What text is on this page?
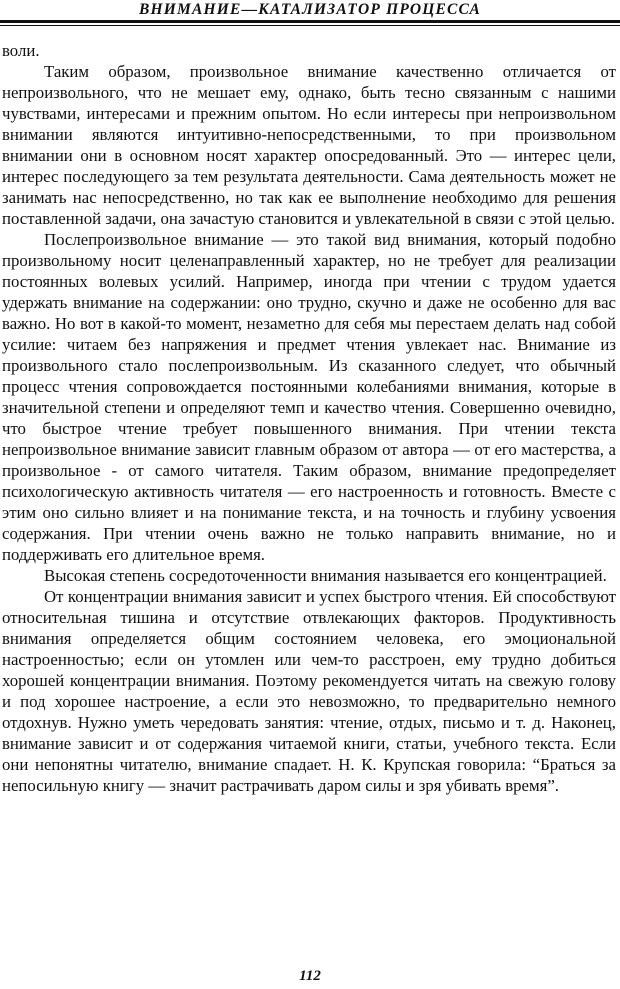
ВНИМАНИЕ—КАТАЛИЗАТОР ПРОЦЕССА

воли.

Таким образом, произвольное внимание качественно отличается от непроизвольного, что не мешает ему, однако, быть тесно связанным с нашими чувствами, интересами и прежним опытом. Но если интересы при непроизвольном внимании являются интуитивно-непосредственными, то при произвольном внимании они в основном носят характер опосредованный. Это — интерес цели, интерес последующего за тем результата деятельности. Сама деятельность может не занимать нас непосредственно, но так как ее выполнение необходимо для решения поставленной задачи, она зачастую становится и увлекательной в связи с этой целью.

Послепроизвольное внимание — это такой вид внимания, который подобно произвольному носит целенаправленный характер, но не требует для реализации постоянных волевых усилий. Например, иногда при чтении с трудом удается удержать внимание на содержании: оно трудно, скучно и даже не особенно для вас важно. Но вот в какой-то момент, незаметно для себя мы перестаем делать над собой усилие: читаем без напряжения и предмет чтения увлекает нас. Внимание из произвольного стало послепроизвольным. Из сказанного следует, что обычный процесс чтения сопровождается постоянными колебаниями внимания, которые в значительной степени и определяют темп и качество чтения. Совершенно очевидно, что быстрое чтение требует повышенного внимания. При чтении текста непроизвольное внимание зависит главным образом от автора — от его мастерства, а произвольное - от самого читателя. Таким образом, внимание предопределяет психологическую активность читателя — его настроенность и готовность. Вместе с этим оно сильно влияет и на понимание текста, и на точность и глубину усвоения содержания. При чтении очень важно не только направить внимание, но и поддерживать его длительное время.

Высокая степень сосредоточенности внимания называется его концентрацией.

От концентрации внимания зависит и успех быстрого чтения. Ей способствуют относительная тишина и отсутствие отвлекающих факторов. Продуктивность внимания определяется общим состоянием человека, его эмоциональной настроенностью; если он утомлен или чем-то расстроен, ему трудно добиться хорошей концентрации внимания. Поэтому рекомендуется читать на свежую голову и под хорошее настроение, а если это невозможно, то предварительно немного отдохнув. Нужно уметь чередовать занятия: чтение, отдых, письмо и т. д. Наконец, внимание зависит и от содержания читаемой книги, статьи, учебного текста. Если они непонятны читателю, внимание спадает. Н. К. Крупская говорила: “Браться за непосильную книгу — значит растрачивать даром силы и зря убивать время”.

112
